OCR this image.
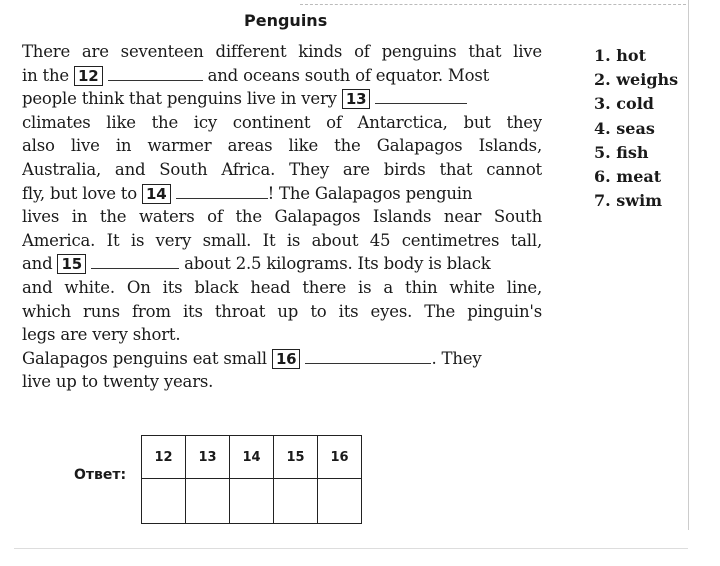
Penguins
There are seventeen different kinds of penguins that live
in the 12	and oceans south of equator. Most
people think that penguins live in very 13
climates like the icy continent of Antarctica, but they
also live in warmer areas like the Galapagos Islands,
Australia, and South Africa. They are birds that cannot
fly, but love to 14	! The Galapagos penguin
lives in the waters of the Galapagos Islands near South
America. It is very small. It is about 45 centimetres tall,
and 15	about 2.5 kilograms. Its body is black
and white. On its black head there is a thin white line,
which runs from its throat up to its eyes. The pinguin's
legs are very short.
Galapagos penguins eat small 16	. They
live up to twenty years.
1. hot
2. weighs
3. cold
4. seas
5. fish
6. meat
7. swim
Ответ:
12	13	14	15	16
